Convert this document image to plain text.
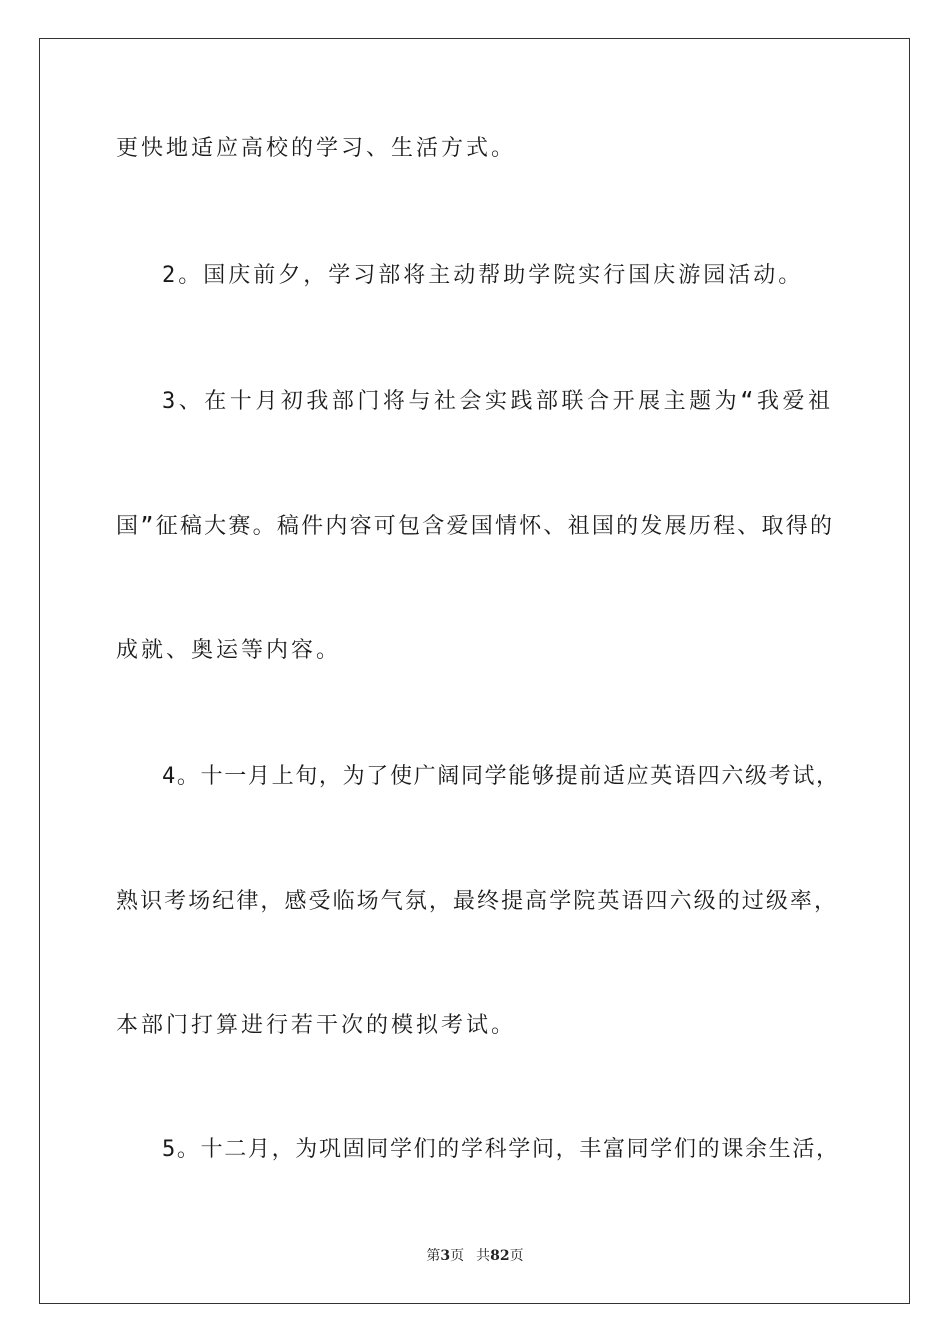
更快地适应高校的学习、生活方式。
2。国庆前夕，学习部将主动帮助学院实行国庆游园活动。
3、在十月初我部门将与社会实践部联合开展主题为“我爱祖
国”征稿大赛。稿件内容可包含爱国情怀、祖国的发展历程、取得的
成就、奥运等内容。
4。十一月上旬，为了使广阔同学能够提前适应英语四六级考试，
熟识考场纪律，感受临场气氛，最终提高学院英语四六级的过级率，
本部门打算进行若干次的模拟考试。
5。十二月，为巩固同学们的学科学问，丰富同学们的课余生活，
第3页 共82页
